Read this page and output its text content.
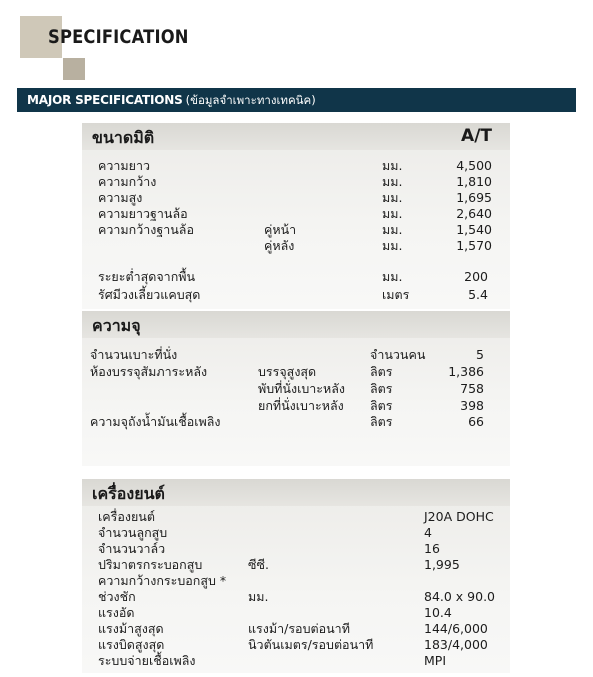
SPECIFICATION
MAJOR SPECIFICATIONS (ข้อมูลจำเพาะทางเทคนิค)
ขนาดมิติ	A/T
ความยาว	มม.	4,500
ความกว้าง	มม.	1,810
ความสูง	มม.	1,695
ความยาวฐานล้อ	มม.	2,640
ความกว้างฐานล้อ	คู่หน้า	มม.	1,540
คู่หลัง	มม.	1,570
ระยะต่ำสุดจากพื้น	มม.	200
รัศมีวงเลี้ยวแคบสุด	เมตร	5.4
ความจุ
จำนวนเบาะที่นั่ง	จำนวนคน	5
ห้องบรรจุสัมภาระหลัง	บรรจุสูงสุด	ลิตร	1,386
พับที่นั่งเบาะหลัง ลิตร	758
ยกที่นั่งเบาะหลัง ลิตร	398
ความจุถังน้ำมันเชื้อเพลิง	ลิตร	66
เครื่องยนต์
เครื่องยนต์	J20A DOHC
จำนวนลูกสูบ	4
จำนวนวาล์ว	16
ปริมาตรกระบอกสูบ	ซีซี.	1,995
ความกว้างกระบอกสูบ *
ช่วงชัก	มม.	84.0 x 90.0
แรงอัด	10.4
แรงม้าสูงสุด	แรงม้า/รอบต่อนาที	144/6,000
แรงบิดสูงสุด	นิวตันเมตร/รอบต่อนาที	183/4,000
ระบบจ่ายเชื้อเพลิง	MPI
